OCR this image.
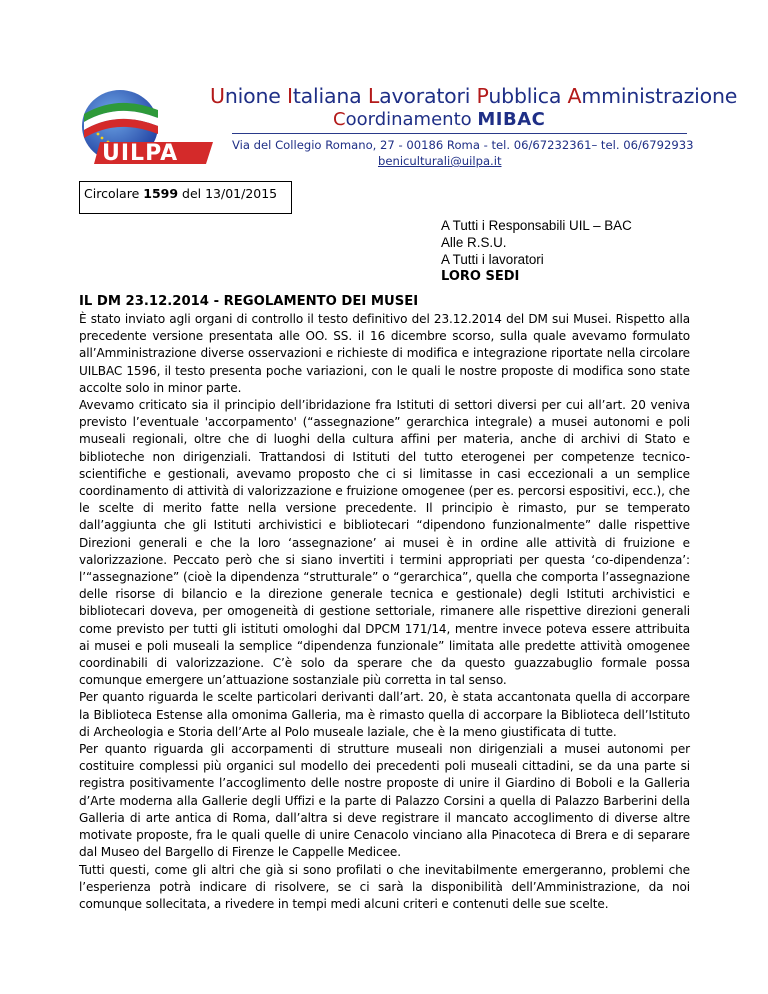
UILPA
Unione Italiana Lavoratori Pubblica Amministrazione
Coordinamento MIBAC
Via del Collegio Romano, 27 - 00186 Roma - tel. 06/67232361– tel. 06/6792933
beniculturali@uilpa.it
Circolare 1599 del 13/01/2015
A Tutti i Responsabili UIL – BAC
Alle R.S.U.
A Tutti i lavoratori
LORO SEDI
IL DM 23.12.2014 - REGOLAMENTO DEI MUSEI

È stato inviato agli organi di controllo il testo definitivo del 23.12.2014 del DM sui Musei. Rispetto alla precedente versione presentata alle OO. SS. il 16 dicembre scorso, sulla quale avevamo formulato all’Amministrazione diverse osservazioni e richieste di modifica e integrazione riportate nella circolare UILBAC 1596, il testo presenta poche variazioni, con le quali le nostre proposte di modifica sono state accolte solo in minor parte.

Avevamo criticato sia il principio dell’ibridazione fra Istituti di settori diversi per cui all’art. 20 veniva previsto l’eventuale 'accorpamento' (“assegnazione” gerarchica integrale) a musei autonomi e poli museali regionali, oltre che di luoghi della cultura affini per materia, anche di archivi di Stato e biblioteche non dirigenziali. Trattandosi di Istituti del tutto eterogenei per competenze tecnico-scientifiche e gestionali, avevamo proposto che ci si limitasse in casi eccezionali a un semplice coordinamento di attività di valorizzazione e fruizione omogenee (per es. percorsi espositivi, ecc.), che le scelte di merito fatte nella versione precedente. Il principio è rimasto, pur se temperato dall’aggiunta che gli Istituti archivistici e bibliotecari “dipendono funzionalmente” dalle rispettive Direzioni generali e che la loro ‘assegnazione’ ai musei è in ordine alle attività di fruizione e valorizzazione. Peccato però che si siano invertiti i termini appropriati per questa ‘co-dipendenza’: l’“assegnazione” (cioè la dipendenza “strutturale” o “gerarchica”, quella che comporta l’assegnazione delle risorse di bilancio e la direzione generale tecnica e gestionale) degli Istituti archivistici e bibliotecari doveva, per omogeneità di gestione settoriale, rimanere alle rispettive direzioni generali come previsto per tutti gli istituti omologhi dal DPCM 171/14, mentre invece poteva essere attribuita ai musei e poli museali la semplice “dipendenza funzionale” limitata alle predette attività omogenee coordinabili di valorizzazione. C’è solo da sperare che da questo guazzabuglio formale possa comunque emergere un’attuazione sostanziale più corretta in tal senso.

Per quanto riguarda le scelte particolari derivanti dall’art. 20, è stata accantonata quella di accorpare la Biblioteca Estense alla omonima Galleria, ma è rimasto quella di accorpare la Biblioteca dell’Istituto di Archeologia e Storia dell’Arte al Polo museale laziale, che è la meno giustificata di tutte.

Per quanto riguarda gli accorpamenti di strutture museali non dirigenziali a musei autonomi per costituire complessi più organici sul modello dei precedenti poli museali cittadini, se da una parte si registra positivamente l’accoglimento delle nostre proposte di unire il Giardino di Boboli e la Galleria d’Arte moderna alla Gallerie degli Uffizi e la parte di Palazzo Corsini a quella di Palazzo Barberini della Galleria di arte antica di Roma, dall’altra si deve registrare il mancato accoglimento di diverse altre motivate proposte, fra le quali quelle di unire Cenacolo vinciano alla Pinacoteca di Brera e di separare dal Museo del Bargello di Firenze le Cappelle Medicee.

Tutti questi, come gli altri che già si sono profilati o che inevitabilmente emergeranno, problemi che l’esperienza potrà indicare di risolvere, se ci sarà la disponibilità dell’Amministrazione, da noi comunque sollecitata, a rivedere in tempi medi alcuni criteri e contenuti delle sue scelte.
